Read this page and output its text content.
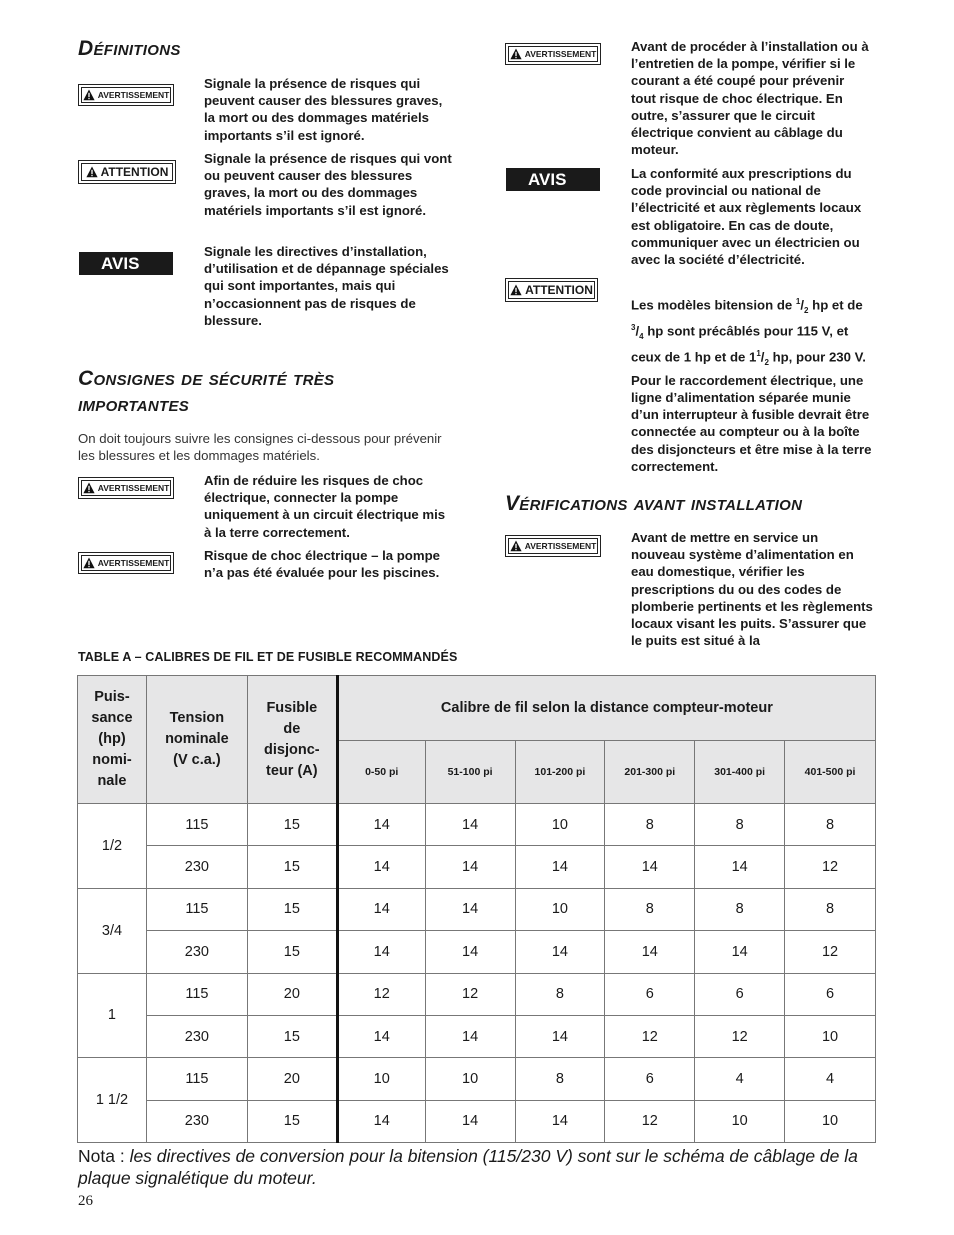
Définitions
AVERTISSEMENT
Signale la présence de risques qui peuvent causer des blessures graves, la mort ou des dommages matériels importants s’il est ignoré.
ATTENTION
Signale la présence de risques qui vont ou peuvent causer des blessures graves, la mort ou des dommages matériels importants s’il est ignoré.
AVIS
Signale les directives d’installation, d’utilisation et de dépannage spéciales qui sont importantes, mais qui n’occasionnent pas de risques de blessure.
Consignes de sécurité très
importantes
On doit toujours suivre les consignes ci-dessous pour prévenir les blessures et les dommages matériels.
AVERTISSEMENT	Afin de réduire les risques de choc électrique, connecter la pompe uniquement à un circuit électrique mis à la terre correctement.
AVERTISSEMENT	Risque de choc électrique – la pompe n’a pas été évaluée pour les piscines.
AVERTISSEMENT	Avant de procéder à l’installation ou à l’entretien de la pompe, vérifier si le courant a été coupé pour prévenir tout risque de choc électrique. En outre, s’assurer que le circuit électrique convient au câblage du moteur.
AVIS	La conformité aux prescriptions du code provincial ou national de l’électricité et aux règlements locaux est obligatoire. En cas de doute, communiquer avec un électricien ou avec la société d’électricité.
ATTENTION
Les modèles bitension de $^1/_2$ hp et de $^3/_4$ hp sont précâblés pour 115 V, et ceux de 1 hp et de $1^1/_2$ hp, pour 230 V. Pour le raccordement électrique, une ligne d’alimentation séparée munie d’un interrupteur à fusible devrait être connectée au compteur ou à la boîte des disjoncteurs et être mise à la terre correctement.
Vérifications avant installation
AVERTISSEMENT
Avant de mettre en service un nouveau système d’alimentation en eau domestique, vérifier les prescriptions du ou des codes de plomberie pertinents et les règlements locaux visant les puits. S’assurer que le puits est situé à la
TABLE A – CALIBRES DE FIL ET DE FUSIBLE RECOMMANDÉS
Puis-
sance
(hp)
nomi-
nale	Tension
nominale
(V c.a.)	Fusible
de
disjonc-
teur (A)	Calibre de fil selon la distance compteur-moteur					
			0-50 pi	51-100 pi	101-200 pi	201-300 pi	301-400 pi	401-500 pi
1/2	115	15	14	14	10	8	8	8
	230	15	14	14	14	14	14	12
3/4	115	15	14	14	10	8	8	8
	230	15	14	14	14	14	14	12
1	115	20	12	12	8	6	6	6
	230	15	14	14	14	12	12	10
1 1/2	115	20	10	10	8	6	4	4
	230	15	14	14	14	12	10	10
Nota : les directives de conversion pour la bitension (115/230 V) sont sur le schéma de câblage de la plaque signalétique du moteur.
26
